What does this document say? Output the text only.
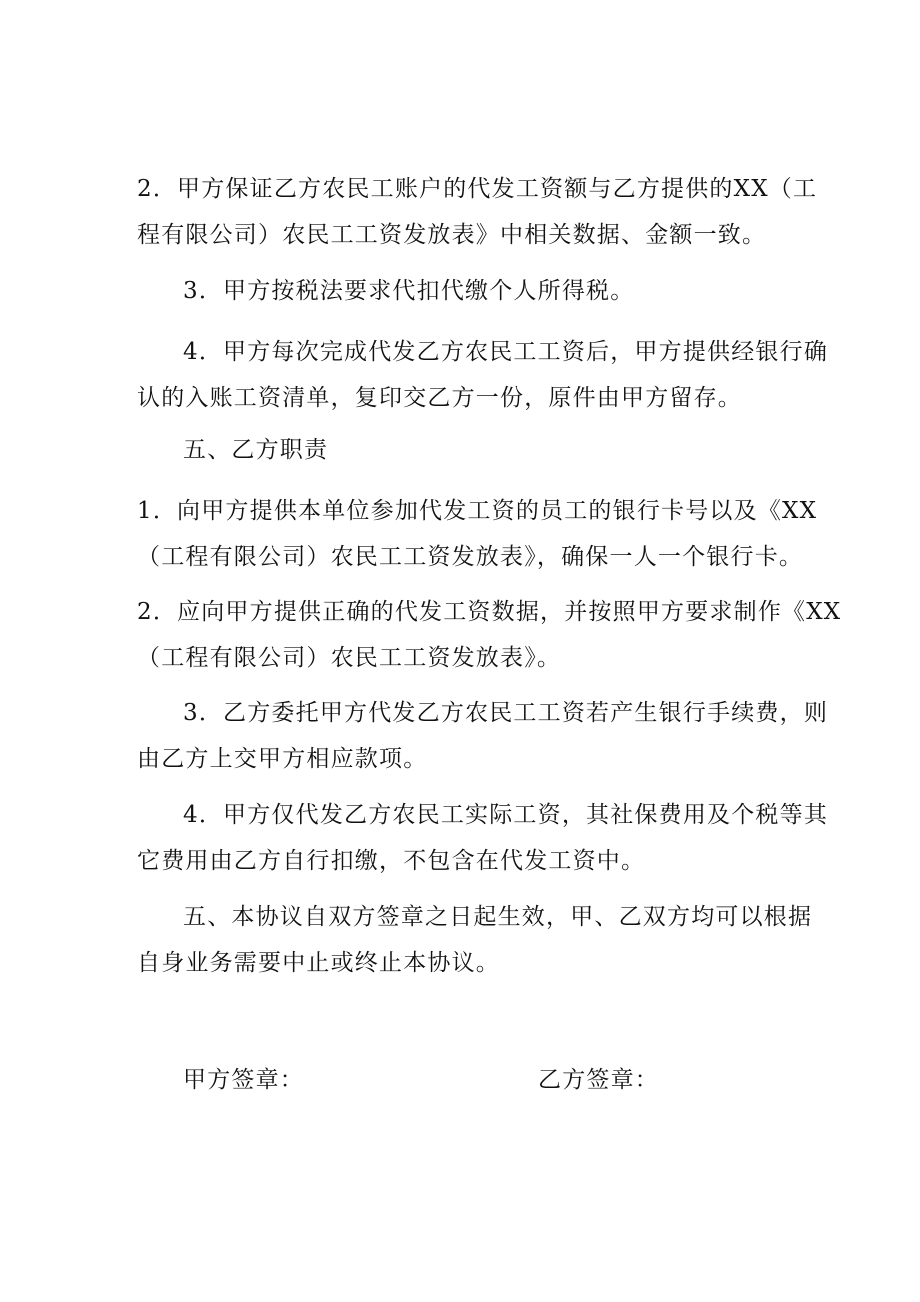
2．甲方保证乙方农民工账户的代发工资额与乙方提供的XX（工
程有限公司）农民工工资发放表》中相关数据、金额一致。
3．甲方按税法要求代扣代缴个人所得税。
4．甲方每次完成代发乙方农民工工资后，甲方提供经银行确
认的入账工资清单，复印交乙方一份，原件由甲方留存。
五、乙方职责
1．向甲方提供本单位参加代发工资的员工的银行卡号以及《XX
（工程有限公司）农民工工资发放表》，确保一人一个银行卡。
2．应向甲方提供正确的代发工资数据，并按照甲方要求制作《XX
（工程有限公司）农民工工资发放表》。
3．乙方委托甲方代发乙方农民工工资若产生银行手续费，则
由乙方上交甲方相应款项。
4．甲方仅代发乙方农民工实际工资，其社保费用及个税等其
它费用由乙方自行扣缴，不包含在代发工资中。
五、本协议自双方签章之日起生效，甲、乙双方均可以根据
自身业务需要中止或终止本协议。
甲方签章：	乙方签章：
